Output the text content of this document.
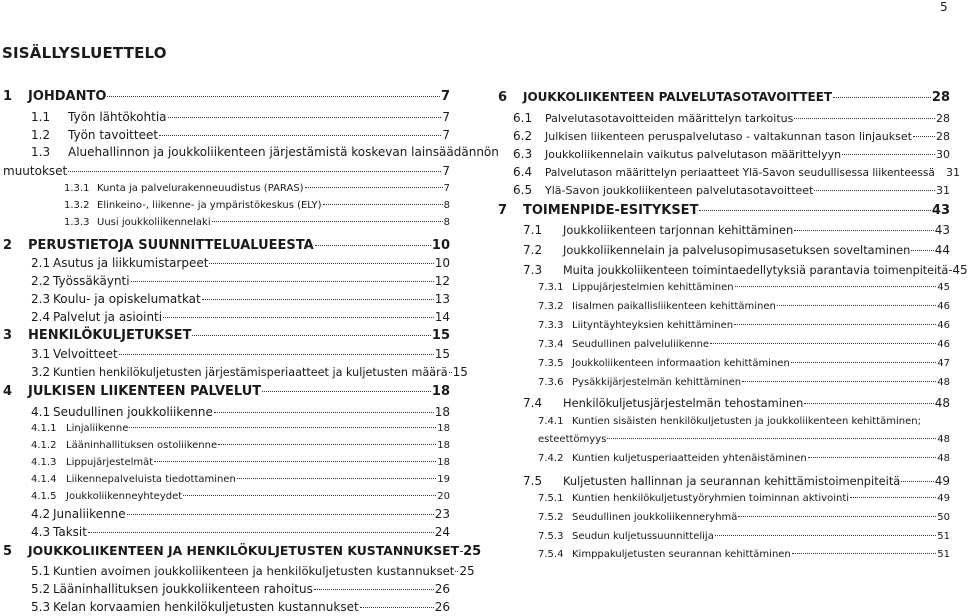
5
SISÄLLYSLUETTELO
1	JOHDANTO	7
1.1	Työn lähtökohtia	7
1.2	Työn tavoitteet	7
1.3 Aluehallinnon ja joukkoliikenteen järjestämistä koskevan lainsäädännön
muutokset	7
1.3.1 Kunta ja palvelurakenneuudistus (PARAS)	7
1.3.2 Elinkeino-, liikenne- ja ympäristökeskus (ELY)	8
1.3.3 Uusi joukkoliikennelaki	8
2	PERUSTIETOJA SUUNNITTELUALUEESTA	10
2.1 Asutus ja liikkumistarpeet	10
2.2 Työssäkäynti	12
2.3 Koulu- ja opiskelumatkat	13
2.4 Palvelut ja asiointi	14
3	HENKILÖKULJETUKSET	15
3.1 Velvoitteet	15
3.2 Kuntien henkilökuljetusten järjestämisperiaatteet ja kuljetusten määrä 15
4	JULKISEN LIIKENTEEN PALVELUT	18
4.1 Seudullinen joukkoliikenne	18
4.1.1 Linjaliikenne	18
4.1.2 Lääninhallituksen ostoliikenne	18
4.1.3 Lippujärjestelmät	18
4.1.4 Liikennepalveluista tiedottaminen	19
4.1.5 Joukkoliikenneyhteydet	20
4.2 Junaliikenne	23
4.3 Taksit	24
5	JOUKKOLIIKENTEEN JA HENKILÖKULJETUSTEN KUSTANNUKSET 25
5.1 Kuntien avoimen joukkoliikenteen ja henkilökuljetusten kustannukset 25
5.2 Lääninhallituksen joukkoliikenteen rahoitus	26
5.3 Kelan korvaamien henkilökuljetusten kustannukset	26
6	JOUKKOLIIKENTEEN PALVELUTASOTAVOITTEET	28
6.1	Palvelutasotavoitteiden määrittelyn tarkoitus	28
6.2	Julkisen liikenteen peruspalvelutaso - valtakunnan tason linjaukset 28
6.3	Joukkoliikennelain vaikutus palvelutason määrittelyyn	30
6.4	Palvelutason määrittelyn periaatteet Ylä-Savon seudullisessa liikenteessä 31
6.5	Ylä-Savon joukkoliikenteen palvelutasotavoitteet	31
7	TOIMENPIDE-ESITYKSET	43
7.1	Joukkoliikenteen tarjonnan kehittäminen	43
7.2	Joukkoliikennelain ja palvelusopimusasetuksen soveltaminen 44
7.3	Muita joukkoliikenteen toimintaedellytyksiä parantavia toimenpiteitä 45
7.3.1 Lippujärjestelmien kehittäminen	45
7.3.2 Iisalmen paikallisliikenteen kehittäminen	46
7.3.3 Liityntäyhteyksien kehittäminen	46
7.3.4 Seudullinen palveluliikenne	46
7.3.5 Joukkoliikenteen informaation kehittäminen	47
7.3.6 Pysäkkijärjestelmän kehittäminen	48
7.4	Henkilökuljetusjärjestelmän tehostaminen	48
7.4.1 Kuntien sisäisten henkilökuljetusten ja joukkoliikenteen kehittäminen;
esteettömyys	48
7.4.2 Kuntien kuljetusperiaatteiden yhtenäistäminen	48
7.5	Kuljetusten hallinnan ja seurannan kehittämistoimenpiteitä	49
7.5.1 Kuntien henkilökuljetustyöryhmien toiminnan aktivointi	49
7.5.2 Seudullinen joukkoliikenneryhmä	50
7.5.3 Seudun kuljetussuunnittelija	51
7.5.4 Kimppakuljetusten seurannan kehittäminen	51
